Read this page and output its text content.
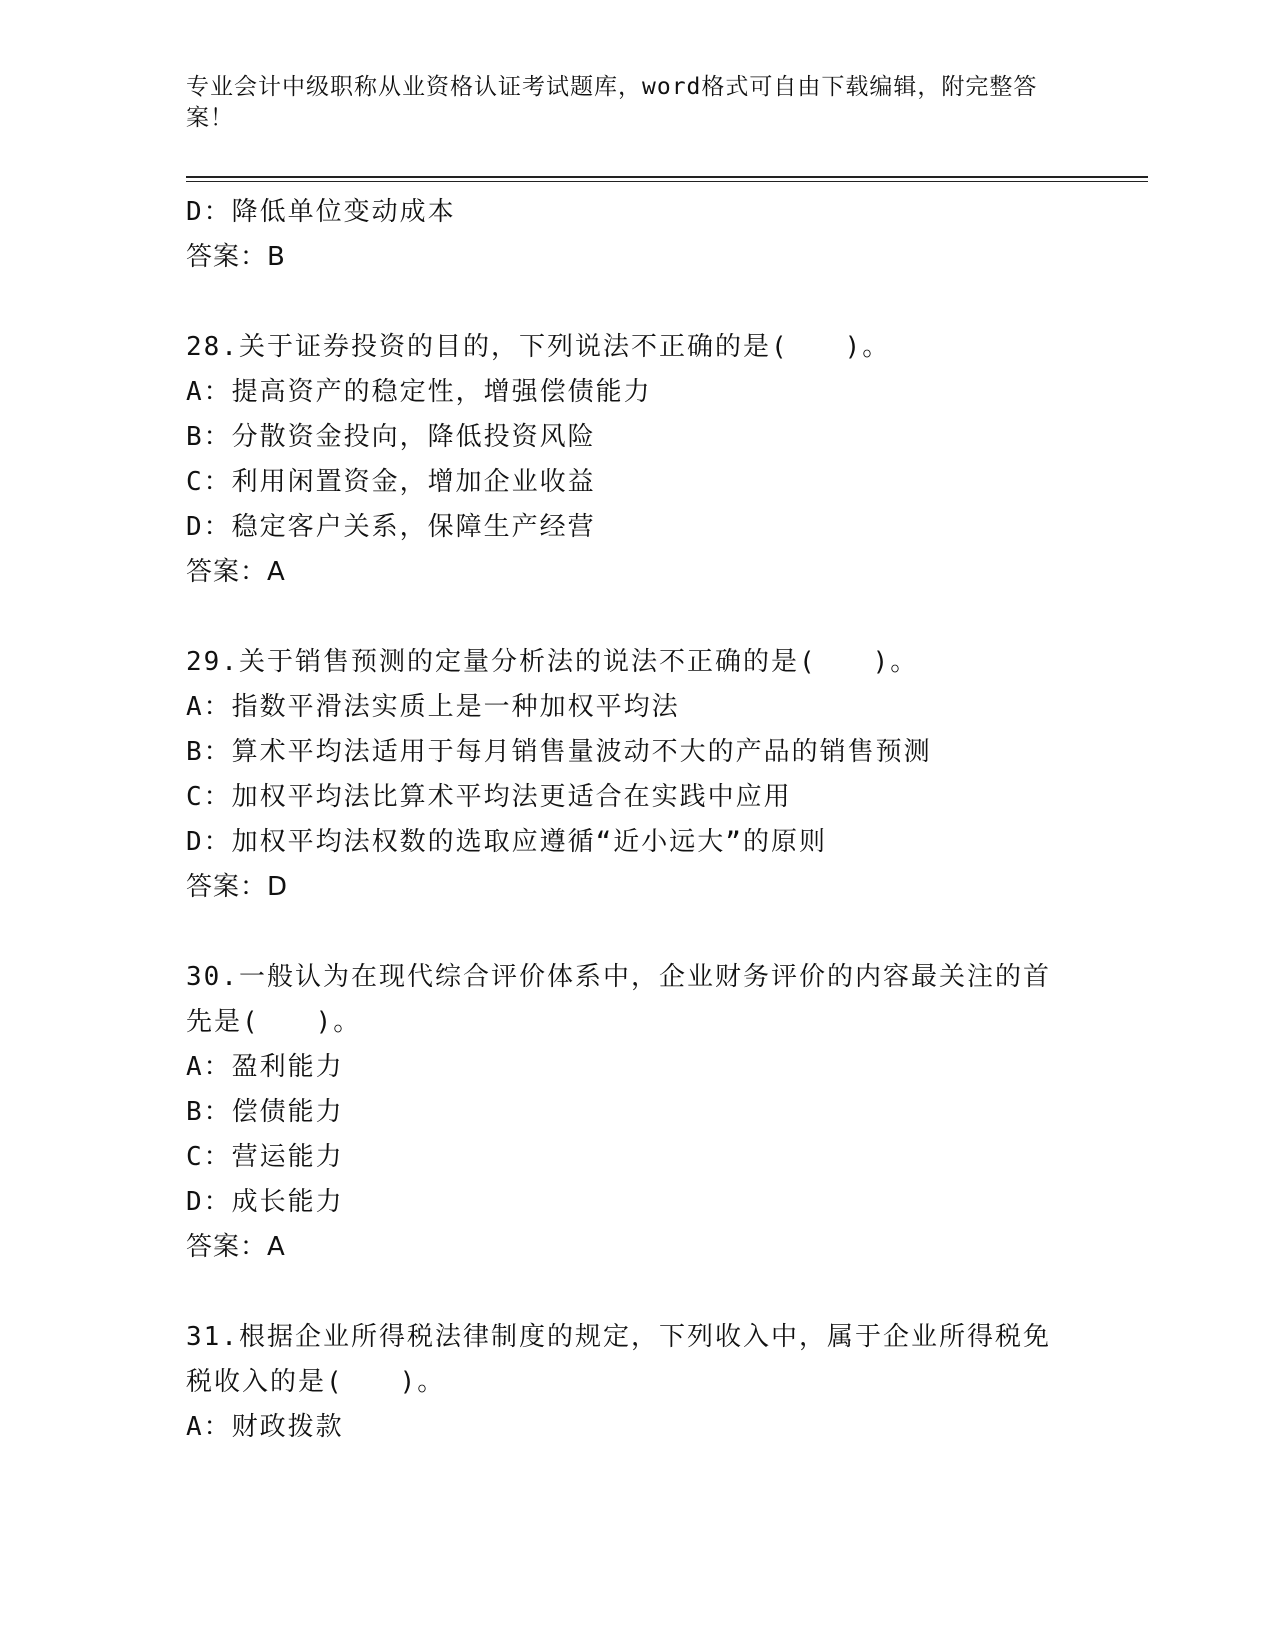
专业会计中级职称从业资格认证考试题库，word格式可自由下载编辑，附完整答案！
D：降低单位变动成本
答案：B
28.关于证券投资的目的，下列说法不正确的是(　　)。
A：提高资产的稳定性，增强偿债能力
B：分散资金投向，降低投资风险
C：利用闲置资金，增加企业收益
D：稳定客户关系，保障生产经营
答案：A
29.关于销售预测的定量分析法的说法不正确的是(　　)。
A：指数平滑法实质上是一种加权平均法
B：算术平均法适用于每月销售量波动不大的产品的销售预测
C：加权平均法比算术平均法更适合在实践中应用
D：加权平均法权数的选取应遵循“近小远大”的原则
答案：D
30.一般认为在现代综合评价体系中，企业财务评价的内容最关注的首
先是(　　)。
A：盈利能力
B：偿债能力
C：营运能力
D：成长能力
答案：A
31.根据企业所得税法律制度的规定，下列收入中，属于企业所得税免
税收入的是(　　)。
A：财政拨款
